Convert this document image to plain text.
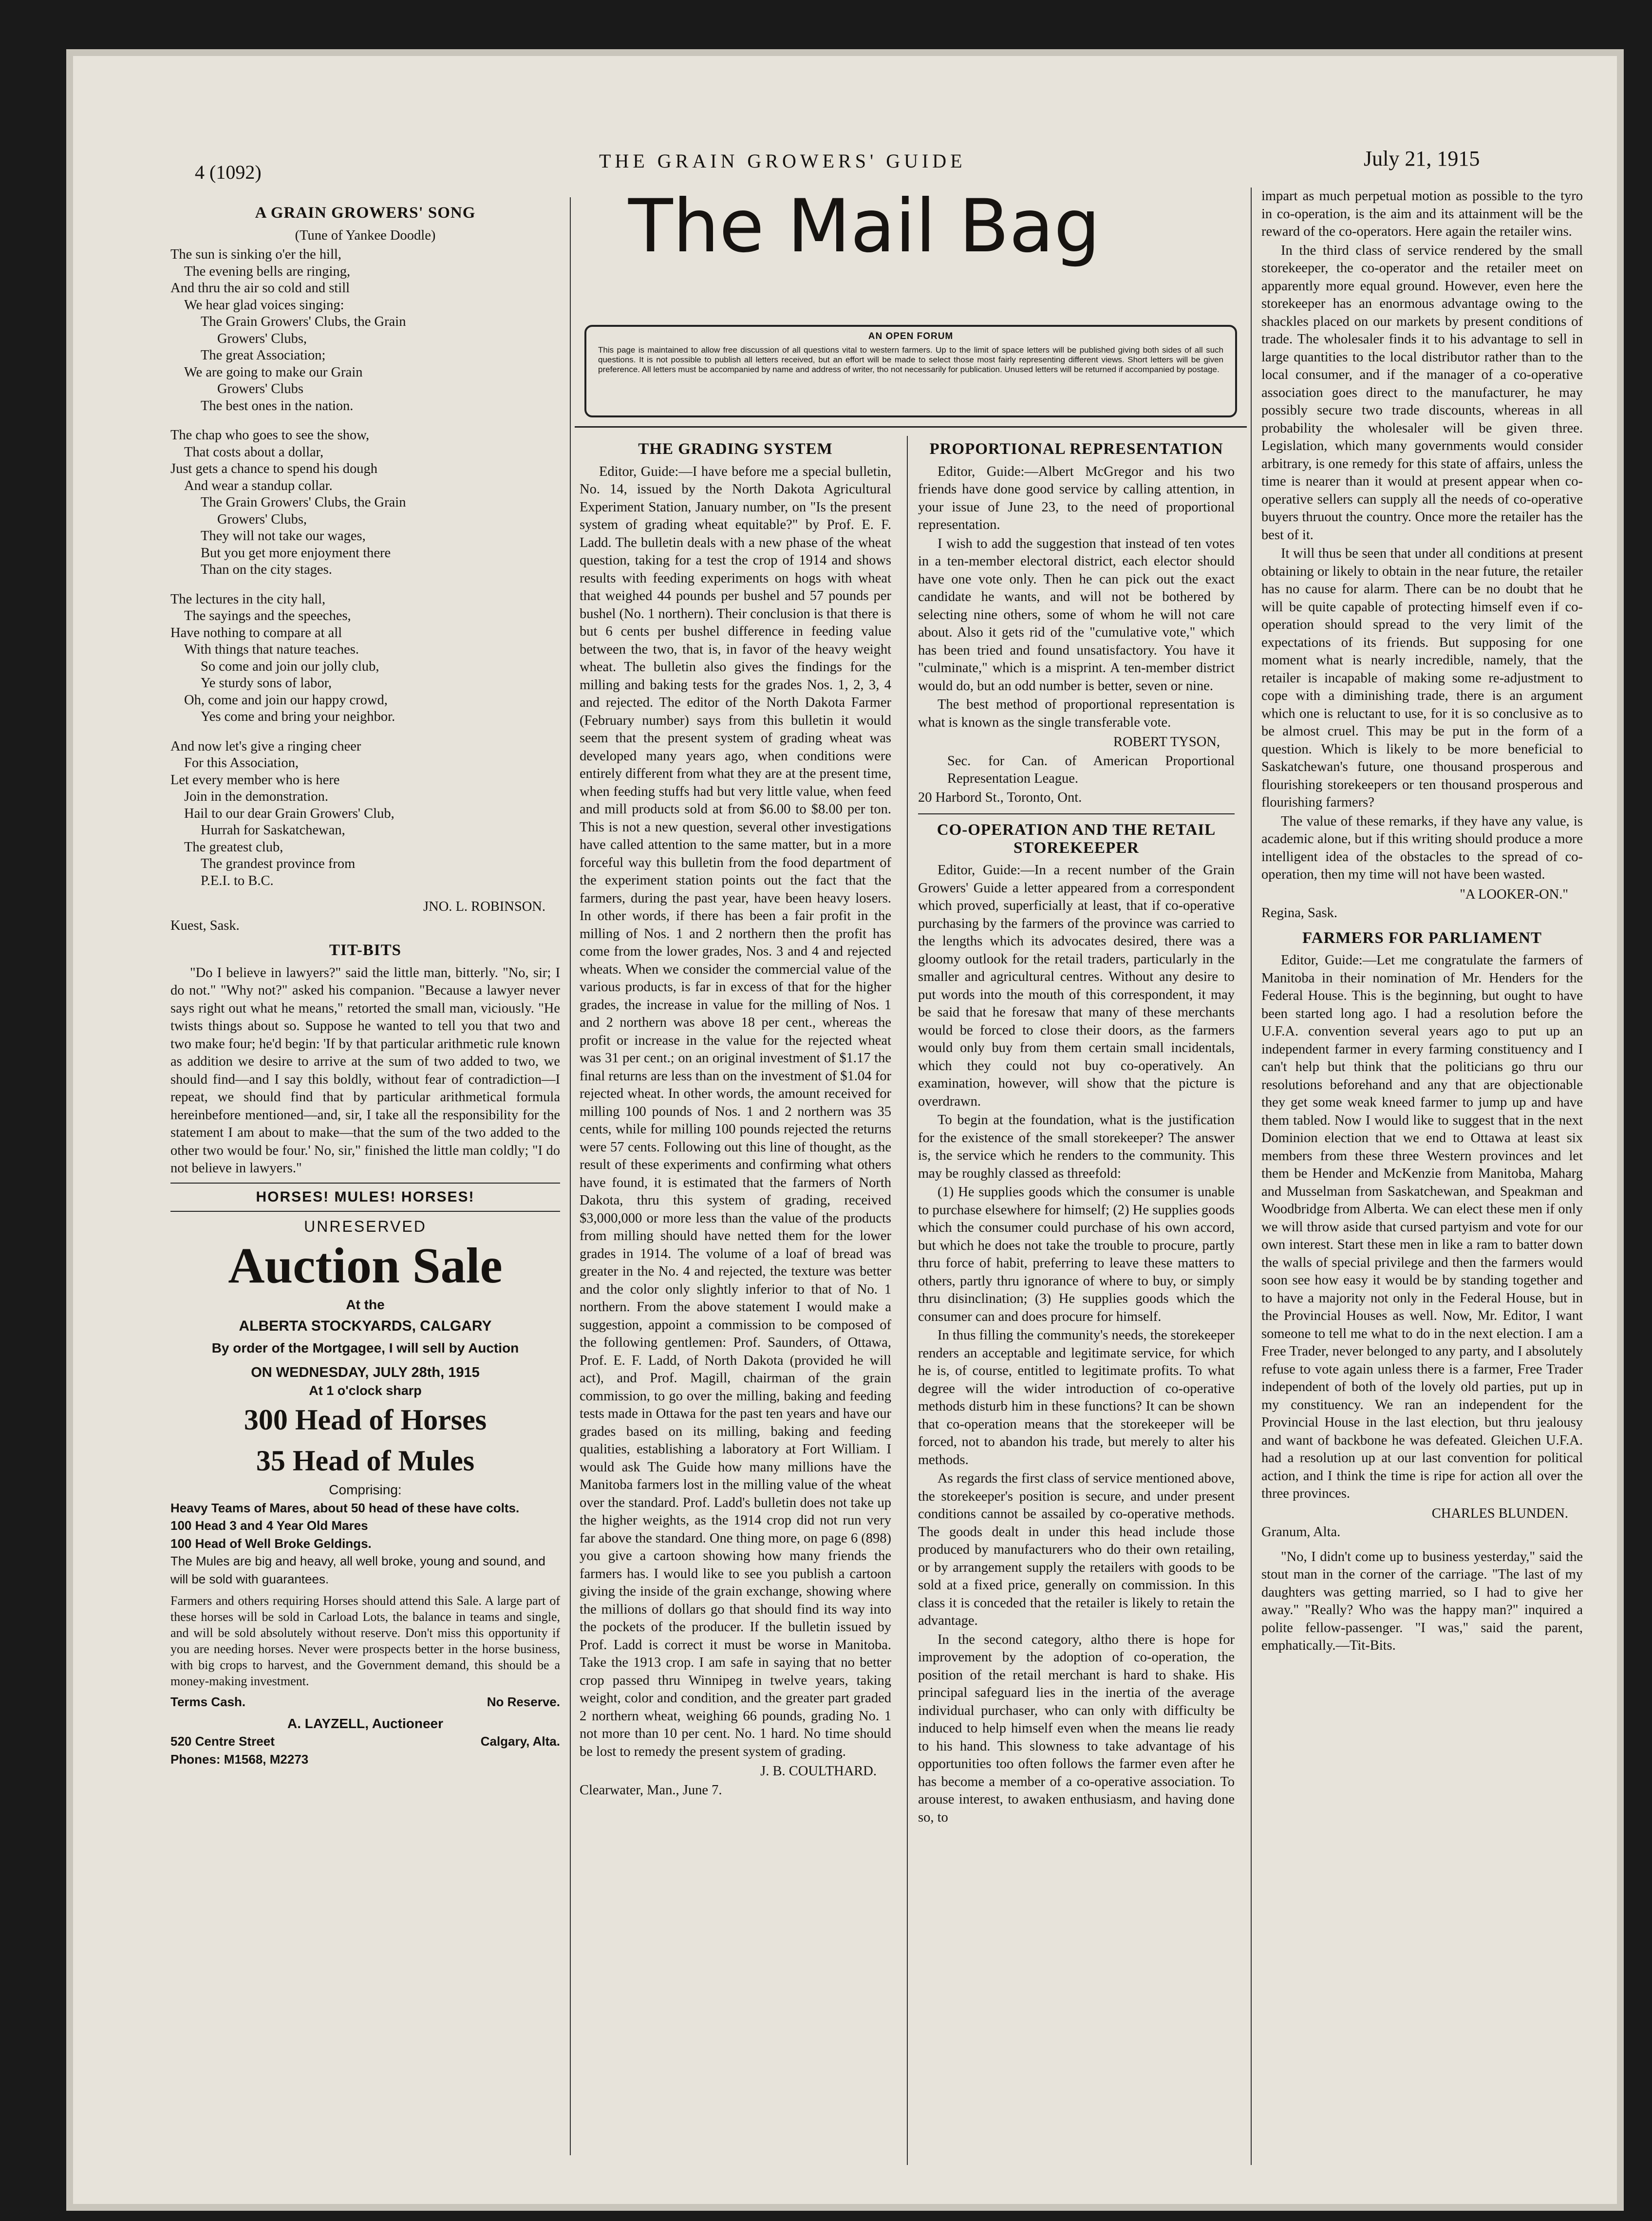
4 (1092)
THE GRAIN GROWERS' GUIDE	July 21, 1915
The Mail Bag
AN OPEN FORUM
This page is maintained to allow free discussion of all questions vital to western farmers. Up to the limit of space letters will be published giving both sides of all such questions. It is not possible to publish all letters received, but an effort will be made to select those most fairly representing different views. Short letters will be given preference. All letters must be accompanied by name and address of writer, tho not necessarily for publication. Unused letters will be returned if accompanied by postage.
A GRAIN GROWERS' SONG
(Tune of Yankee Doodle)
The sun is sinking o'er the hill,
The evening bells are ringing,
And thru the air so cold and still
We hear glad voices singing:
The Grain Growers' Clubs, the Grain
Growers' Clubs,
The great Association;
We are going to make our Grain
Growers' Clubs
The best ones in the nation.
The chap who goes to see the show,
That costs about a dollar,
Just gets a chance to spend his dough
And wear a standup collar.
The Grain Growers' Clubs, the Grain
Growers' Clubs,
They will not take our wages,
But you get more enjoyment there
Than on the city stages.
The lectures in the city hall,
The sayings and the speeches,
Have nothing to compare at all
With things that nature teaches.
So come and join our jolly club,
Ye sturdy sons of labor,
Oh, come and join our happy crowd,
Yes come and bring your neighbor.
And now let's give a ringing cheer
For this Association,
Let every member who is here
Join in the demonstration.
Hail to our dear Grain Growers' Club,
Hurrah for Saskatchewan,
The greatest club,
The grandest province from
P.E.I. to B.C.
JNO. L. ROBINSON.

Kuest, Sask.

TIT-BITS

"Do I believe in lawyers?" said the little man, bitterly. "No, sir; I do not." "Why not?" asked his companion. "Because a lawyer never says right out what he means," retorted the small man, viciously. "He twists things about so. Suppose he wanted to tell you that two and two make four; he'd begin: 'If by that particular arithmetic rule known as addition we desire to arrive at the sum of two added to two, we should find—and I say this boldly, without fear of contradiction—I repeat, we should find that by particular arithmetical formula hereinbefore mentioned—and, sir, I take all the responsibility for the statement I am about to make—that the sum of the two added to the other two would be four.' No, sir," finished the little man coldly; "I do not believe in lawyers."

HORSES! MULES! HORSES!
UNRESERVED
Auction Sale
At the
ALBERTA STOCKYARDS, CALGARY
By order of the Mortgagee, I will sell by Auction
ON WEDNESDAY, JULY 28th, 1915
At 1 o'clock sharp
300 Head of Horses
35 Head of Mules
Comprising:
Heavy Teams of Mares, about 50 head of these have colts.
100 Head 3 and 4 Year Old Mares
100 Head of Well Broke Geldings.
The Mules are big and heavy, all well broke, young and sound, and will be sold with guarantees.
Farmers and others requiring Horses should attend this Sale. A large part of these horses will be sold in Carload Lots, the balance in teams and single, and will be sold absolutely without reserve. Don't miss this opportunity if you are needing horses. Never were prospects better in the horse business, with big crops to harvest, and the Government demand, this should be a money-making investment.
Terms Cash.	No Reserve.
A. LAYZELL, Auctioneer
520 Centre Street	Calgary, Alta.
Phones: M1568, M2273
THE GRADING SYSTEM

Editor, Guide:—I have before me a special bulletin, No. 14, issued by the North Dakota Agricultural Experiment Station, January number, on "Is the present system of grading wheat equitable?" by Prof. E. F. Ladd. The bulletin deals with a new phase of the wheat question, taking for a test the crop of 1914 and shows results with feeding experiments on hogs with wheat that weighed 44 pounds per bushel and 57 pounds per bushel (No. 1 northern). Their conclusion is that there is but 6 cents per bushel difference in feeding value between the two, that is, in favor of the heavy weight wheat. The bulletin also gives the findings for the milling and baking tests for the grades Nos. 1, 2, 3, 4 and rejected. The editor of the North Dakota Farmer (February number) says from this bulletin it would seem that the present system of grading wheat was developed many years ago, when conditions were entirely different from what they are at the present time, when feeding stuffs had but very little value, when feed and mill products sold at from $6.00 to $8.00 per ton. This is not a new question, several other investigations have called attention to the same matter, but in a more forceful way this bulletin from the food department of the experiment station points out the fact that the farmers, during the past year, have been heavy losers. In other words, if there has been a fair profit in the milling of Nos. 1 and 2 northern then the profit has come from the lower grades, Nos. 3 and 4 and rejected wheats. When we consider the commercial value of the various products, is far in excess of that for the higher grades, the increase in value for the milling of Nos. 1 and 2 northern was above 18 per cent., whereas the profit or increase in the value for the rejected wheat was 31 per cent.; on an original investment of $1.17 the final returns are less than on the investment of $1.04 for rejected wheat. In other words, the amount received for milling 100 pounds of Nos. 1 and 2 northern was 35 cents, while for milling 100 pounds rejected the returns were 57 cents. Following out this line of thought, as the result of these experiments and confirming what others have found, it is estimated that the farmers of North Dakota, thru this system of grading, received $3,000,000 or more less than the value of the products from milling should have netted them for the lower grades in 1914. The volume of a loaf of bread was greater in the No. 4 and rejected, the texture was better and the color only slightly inferior to that of No. 1 northern. From the above statement I would make a suggestion, appoint a commission to be composed of the following gentlemen: Prof. Saunders, of Ottawa, Prof. E. F. Ladd, of North Dakota (provided he will act), and Prof. Magill, chairman of the grain commission, to go over the milling, baking and feeding tests made in Ottawa for the past ten years and have our grades based on its milling, baking and feeding qualities, establishing a laboratory at Fort William. I would ask The Guide how many millions have the Manitoba farmers lost in the milling value of the wheat over the standard. Prof. Ladd's bulletin does not take up the higher weights, as the 1914 crop did not run very far above the standard. One thing more, on page 6 (898) you give a cartoon showing how many friends the farmers has. I would like to see you publish a cartoon giving the inside of the grain exchange, showing where the millions of dollars go that should find its way into the pockets of the producer. If the bulletin issued by Prof. Ladd is correct it must be worse in Manitoba. Take the 1913 crop. I am safe in saying that no better crop passed thru Winnipeg in twelve years, taking weight, color and condition, and the greater part graded 2 northern wheat, weighing 66 pounds, grading No. 1 not more than 10 per cent. No. 1 hard. No time should be lost to remedy the present system of grading.

J. B. COULTHARD.

Clearwater, Man., June 7.

PROPORTIONAL REPRESENTATION

Editor, Guide:—Albert McGregor and his two friends have done good service by calling attention, in your issue of June 23, to the need of proportional representation.

I wish to add the suggestion that instead of ten votes in a ten-member electoral district, each elector should have one vote only. Then he can pick out the exact candidate he wants, and will not be bothered by selecting nine others, some of whom he will not care about. Also it gets rid of the "cumulative vote," which has been tried and found unsatisfactory. You have it "culminate," which is a misprint. A ten-member district would do, but an odd number is better, seven or nine.

The best method of proportional representation is what is known as the single transferable vote.

ROBERT TYSON,

Sec. for Can. of American Proportional Representation League.

20 Harbord St., Toronto, Ont.

CO-OPERATION AND THE RETAIL STOREKEEPER

Editor, Guide:—In a recent number of the Grain Growers' Guide a letter appeared from a correspondent which proved, superficially at least, that if co-operative purchasing by the farmers of the province was carried to the lengths which its advocates desired, there was a gloomy outlook for the retail traders, particularly in the smaller and agricultural centres. Without any desire to put words into the mouth of this correspondent, it may be said that he foresaw that many of these merchants would be forced to close their doors, as the farmers would only buy from them certain small incidentals, which they could not buy co-operatively. An examination, however, will show that the picture is overdrawn.

To begin at the foundation, what is the justification for the existence of the small storekeeper? The answer is, the service which he renders to the community. This may be roughly classed as threefold:

(1) He supplies goods which the consumer is unable to purchase elsewhere for himself; (2) He supplies goods which the consumer could purchase of his own accord, but which he does not take the trouble to procure, partly thru force of habit, preferring to leave these matters to others, partly thru ignorance of where to buy, or simply thru disinclination; (3) He supplies goods which the consumer can and does procure for himself.

In thus filling the community's needs, the storekeeper renders an acceptable and legitimate service, for which he is, of course, entitled to legitimate profits. To what degree will the wider introduction of co-operative methods disturb him in these functions? It can be shown that co-operation means that the storekeeper will be forced, not to abandon his trade, but merely to alter his methods.

As regards the first class of service mentioned above, the storekeeper's position is secure, and under present conditions cannot be assailed by co-operative methods. The goods dealt in under this head include those produced by manufacturers who do their own retailing, or by arrangement supply the retailers with goods to be sold at a fixed price, generally on commission. In this class it is conceded that the retailer is likely to retain the advantage.

In the second category, altho there is hope for improvement by the adoption of co-operation, the position of the retail merchant is hard to shake. His principal safeguard lies in the inertia of the average individual purchaser, who can only with difficulty be induced to help himself even when the means lie ready to his hand. This slowness to take advantage of his opportunities too often follows the farmer even after he has become a member of a co-operative association. To arouse interest, to awaken enthusiasm, and having done so, to

impart as much perpetual motion as possible to the tyro in co-operation, is the aim and its attainment will be the reward of the co-operators. Here again the retailer wins.

In the third class of service rendered by the small storekeeper, the co-operator and the retailer meet on apparently more equal ground. However, even here the storekeeper has an enormous advantage owing to the shackles placed on our markets by present conditions of trade. The wholesaler finds it to his advantage to sell in large quantities to the local distributor rather than to the local consumer, and if the manager of a co-operative association goes direct to the manufacturer, he may possibly secure two trade discounts, whereas in all probability the wholesaler will be given three. Legislation, which many governments would consider arbitrary, is one remedy for this state of affairs, unless the time is nearer than it would at present appear when co-operative sellers can supply all the needs of co-operative buyers thruout the country. Once more the retailer has the best of it.

It will thus be seen that under all conditions at present obtaining or likely to obtain in the near future, the retailer has no cause for alarm. There can be no doubt that he will be quite capable of protecting himself even if co-operation should spread to the very limit of the expectations of its friends. But supposing for one moment what is nearly incredible, namely, that the retailer is incapable of making some re-adjustment to cope with a diminishing trade, there is an argument which one is reluctant to use, for it is so conclusive as to be almost cruel. This may be put in the form of a question. Which is likely to be more beneficial to Saskatchewan's future, one thousand prosperous and flourishing storekeepers or ten thousand prosperous and flourishing farmers?

The value of these remarks, if they have any value, is academic alone, but if this writing should produce a more intelligent idea of the obstacles to the spread of co-operation, then my time will not have been wasted.

"A LOOKER-ON."

Regina, Sask.

FARMERS FOR PARLIAMENT

Editor, Guide:—Let me congratulate the farmers of Manitoba in their nomination of Mr. Henders for the Federal House. This is the beginning, but ought to have been started long ago. I had a resolution before the U.F.A. convention several years ago to put up an independent farmer in every farming constituency and I can't help but think that the politicians go thru our resolutions beforehand and any that are objectionable they get some weak kneed farmer to jump up and have them tabled. Now I would like to suggest that in the next Dominion election that we end to Ottawa at least six members from these three Western provinces and let them be Hender and McKenzie from Manitoba, Maharg and Musselman from Saskatchewan, and Speakman and Woodbridge from Alberta. We can elect these men if only we will throw aside that cursed partyism and vote for our own interest. Start these men in like a ram to batter down the walls of special privilege and then the farmers would soon see how easy it would be by standing together and to have a majority not only in the Federal House, but in the Provincial Houses as well. Now, Mr. Editor, I want someone to tell me what to do in the next election. I am a Free Trader, never belonged to any party, and I absolutely refuse to vote again unless there is a farmer, Free Trader independent of both of the lovely old parties, put up in my constituency. We ran an independent for the Provincial House in the last election, but thru jealousy and want of backbone he was defeated. Gleichen U.F.A. had a resolution up at our last convention for political action, and I think the time is ripe for action all over the three provinces.

CHARLES BLUNDEN.

Granum, Alta.

"No, I didn't come up to business yesterday," said the stout man in the corner of the carriage. "The last of my daughters was getting married, so I had to give her away." "Really? Who was the happy man?" inquired a polite fellow-passenger. "I was," said the parent, emphatically.—Tit-Bits.
